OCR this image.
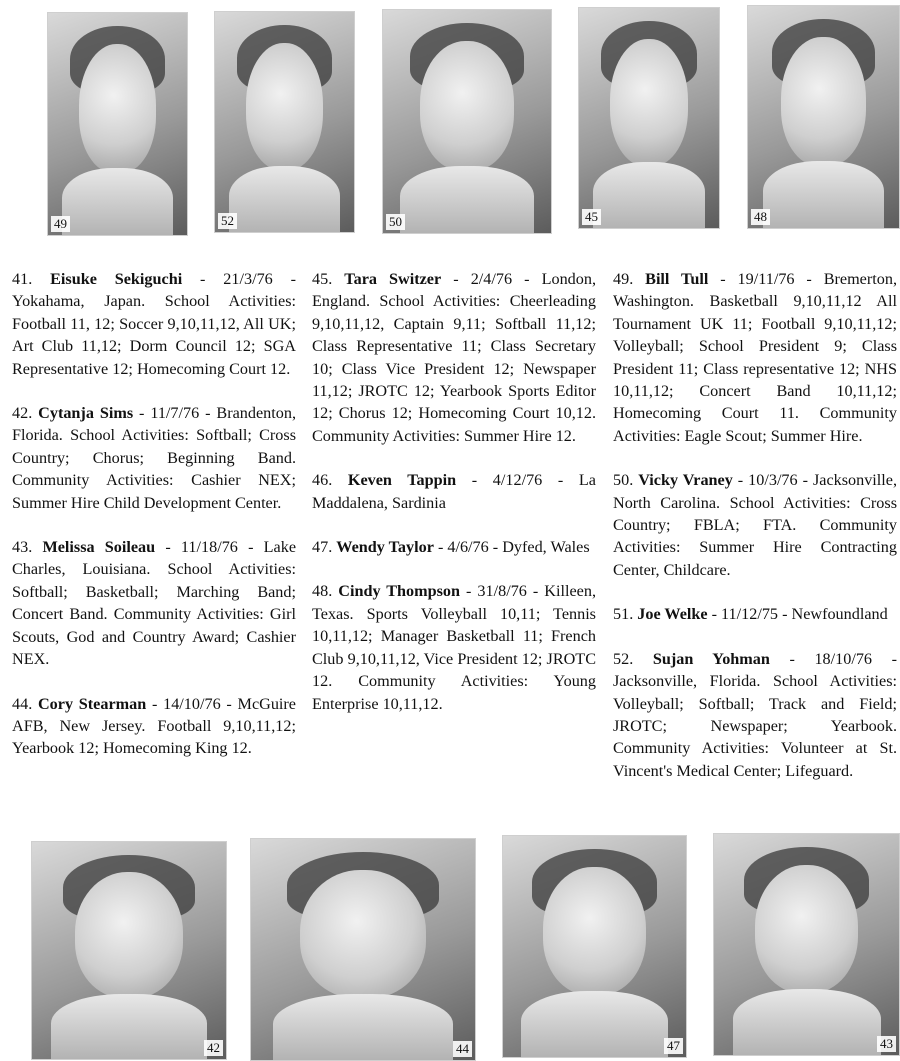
49	52	50	45	48

41. Eisuke Sekiguchi - 21/3/76 - Yokahama, Japan. School Activities: Football 11, 12; Soccer 9,10,11,12, All UK; Art Club 11,12; Dorm Council 12; SGA Representative 12; Homecoming Court 12.

42. Cytanja Sims - 11/7/76 - Brandenton, Florida. School Activities: Softball; Cross Country; Chorus; Beginning Band. Community Activities: Cashier NEX; Summer Hire Child Development Center.

43. Melissa Soileau - 11/18/76 - Lake Charles, Louisiana. School Activities: Softball; Basketball; Marching Band; Concert Band. Community Activities: Girl Scouts, God and Country Award; Cashier NEX.

44. Cory Stearman - 14/10/76 - McGuire AFB, New Jersey. Football 9,10,11,12; Yearbook 12; Homecoming King 12.

45. Tara Switzer - 2/4/76 - London, England. School Activities: Cheerleading 9,10,11,12, Captain 9,11; Softball 11,12; Class Representative 11; Class Secretary 10; Class Vice President 12; Newspaper 11,12; JROTC 12; Yearbook Sports Editor 12; Chorus 12; Homecoming Court 10,12. Community Activities: Summer Hire 12.

46. Keven Tappin - 4/12/76 - La Maddalena, Sardinia

47. Wendy Taylor - 4/6/76 - Dyfed, Wales

48. Cindy Thompson - 31/8/76 - Killeen, Texas. Sports Volleyball 10,11; Tennis 10,11,12; Manager Basketball 11; French Club 9,10,11,12, Vice President 12; JROTC 12. Community Activities: Young Enterprise 10,11,12.

49. Bill Tull - 19/11/76 - Bremerton, Washington. Basketball 9,10,11,12 All Tournament UK 11; Football 9,10,11,12; Volleyball; School President 9; Class President 11; Class representative 12; NHS 10,11,12; Concert Band 10,11,12; Homecoming Court 11. Community Activities: Eagle Scout; Summer Hire.

50. Vicky Vraney - 10/3/76 - Jacksonville, North Carolina. School Activities: Cross Country; FBLA; FTA. Community Activities: Summer Hire Contracting Center, Childcare.

51. Joe Welke - 11/12/75 - Newfoundland

52. Sujan Yohman - 18/10/76 - Jacksonville, Florida. School Activities: Volleyball; Softball; Track and Field; JROTC; Newspaper; Yearbook. Community Activities: Volunteer at St. Vincent's Medical Center; Lifeguard.

42	44	47	43
